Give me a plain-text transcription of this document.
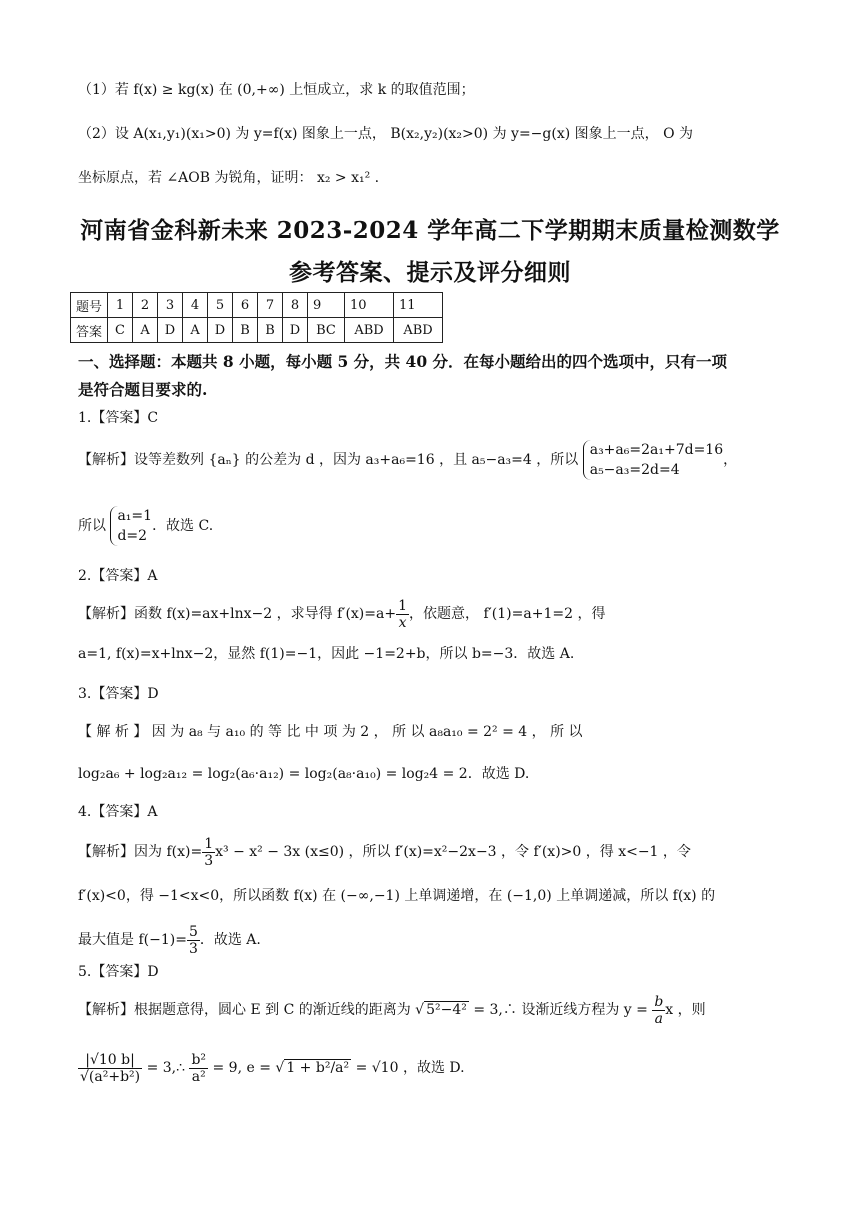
（1）若 f(x) ≥ kg(x) 在 (0,+∞) 上恒成立，求 k 的取值范围；
（2）设 A(x₁,y₁)(x₁>0) 为 y=f(x) 图象上一点， B(x₂,y₂)(x₂>0) 为 y=−g(x) 图象上一点， O 为
坐标原点，若 ∠AOB 为锐角，证明： x₂ > x₁² .
河南省金科新未来 2023-2024 学年高二下学期期末质量检测数学
参考答案、提示及评分细则
题号	1	2	3	4	5	6	7	8	9	10	11
答案	C	A	D	A	D	B	B	D	BC	ABD	ABD
一、选择题：本题共 8 小题，每小题 5 分，共 40 分．在每小题给出的四个选项中，只有一项
是符合题目要求的.
1.【答案】C
【解析】设等差数列 {aₙ} 的公差为 d ，因为 a₃+a₆=16 ，且 a₅−a₃=4 ，所以
a₃+a₆=2a₁+7d=16
a₅−a₃=2d=4
，
所以
a₁=1
d=2
．故选 C.
2.【答案】A
【解析】函数 f(x)=ax+lnx−2 ，求导得 $f'(x)=a+ \frac{1}{x}$ ，依题意， f′(1)=a+1=2 ，得
a=1, f(x)=x+lnx−2，显然 f(1)=−1，因此 −1=2+b，所以 b=−3．故选 A.
3.【答案】D
【 解 析 】 因 为 a₈ 与 a₁₀ 的 等 比 中 项 为 2 ， 所 以 a₈a₁₀ = 2² = 4 ， 所 以
log₂a₆ + log₂a₁₂ = log₂(a₆·a₁₂) = log₂(a₈·a₁₀) = log₂4 = 2．故选 D.
4.【答案】A
【解析】因为 $f(x)= \frac{1}{3} x^3 - x^2 - 3x$ (x≤0) ，所以 f′(x)=x²−2x−3 ，令 f′(x)>0 ，得 x<−1 ，令
f′(x)<0，得 −1<x<0，所以函数 f(x) 在 (−∞,−1) 上单调递增，在 (−1,0) 上单调递减，所以 f(x) 的
最大值是 $f(-1)= \frac{5}{3}$ ．故选 A.
5.【答案】D
【解析】根据题意得，圆心 E 到 C 的渐近线的距离为 √ 5²−4² = 3,∴ 设渐近线方程为 $y = \frac{b}{a}$ x ，则
$\frac{|√10 b|}{\text{√(a²+b²)}}$ = 3,∴ $\frac{\text{b²}}{\text{a²}} = 9$, e = √ 1 + b²/a² = √10 ，故选 D.
